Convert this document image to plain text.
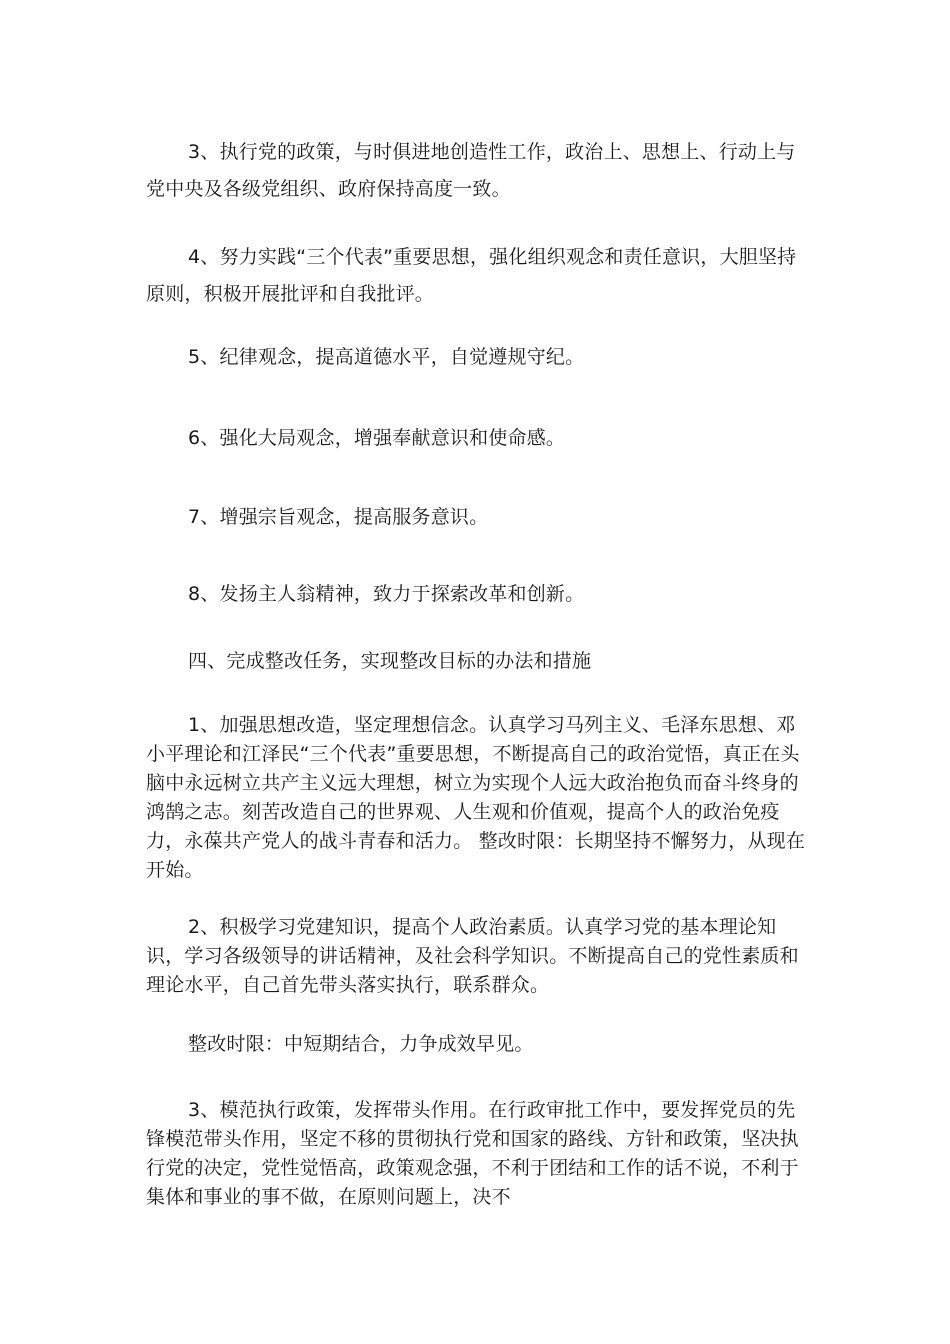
3、执行党的政策，与时俱进地创造性工作，政治上、思想上、行动上与党中央及各级党组织、政府保持高度一致。

4、努力实践“三个代表”重要思想，强化组织观念和责任意识，大胆坚持原则，积极开展批评和自我批评。

5、纪律观念，提高道德水平，自觉遵规守纪。

6、强化大局观念，增强奉献意识和使命感。

7、增强宗旨观念，提高服务意识。

8、发扬主人翁精神，致力于探索改革和创新。

四、完成整改任务，实现整改目标的办法和措施

1、加强思想改造，坚定理想信念。认真学习马列主义、毛泽东思想、邓小平理论和江泽民“三个代表”重要思想，不断提高自己的政治觉悟，真正在头脑中永远树立共产主义远大理想，树立为实现个人远大政治抱负而奋斗终身的鸿鹄之志。刻苦改造自己的世界观、人生观和价值观，提高个人的政治免疫力，永葆共产党人的战斗青春和活力。 整改时限：长期坚持不懈努力，从现在开始。

2、积极学习党建知识，提高个人政治素质。认真学习党的基本理论知识，学习各级领导的讲话精神，及社会科学知识。不断提高自己的党性素质和理论水平，自己首先带头落实执行，联系群众。

整改时限：中短期结合，力争成效早见。

3、模范执行政策，发挥带头作用。在行政审批工作中，要发挥党员的先锋模范带头作用，坚定不移的贯彻执行党和国家的路线、方针和政策，坚决执行党的决定，党性觉悟高，政策观念强，不利于团结和工作的话不说，不利于集体和事业的事不做，在原则问题上，决不
